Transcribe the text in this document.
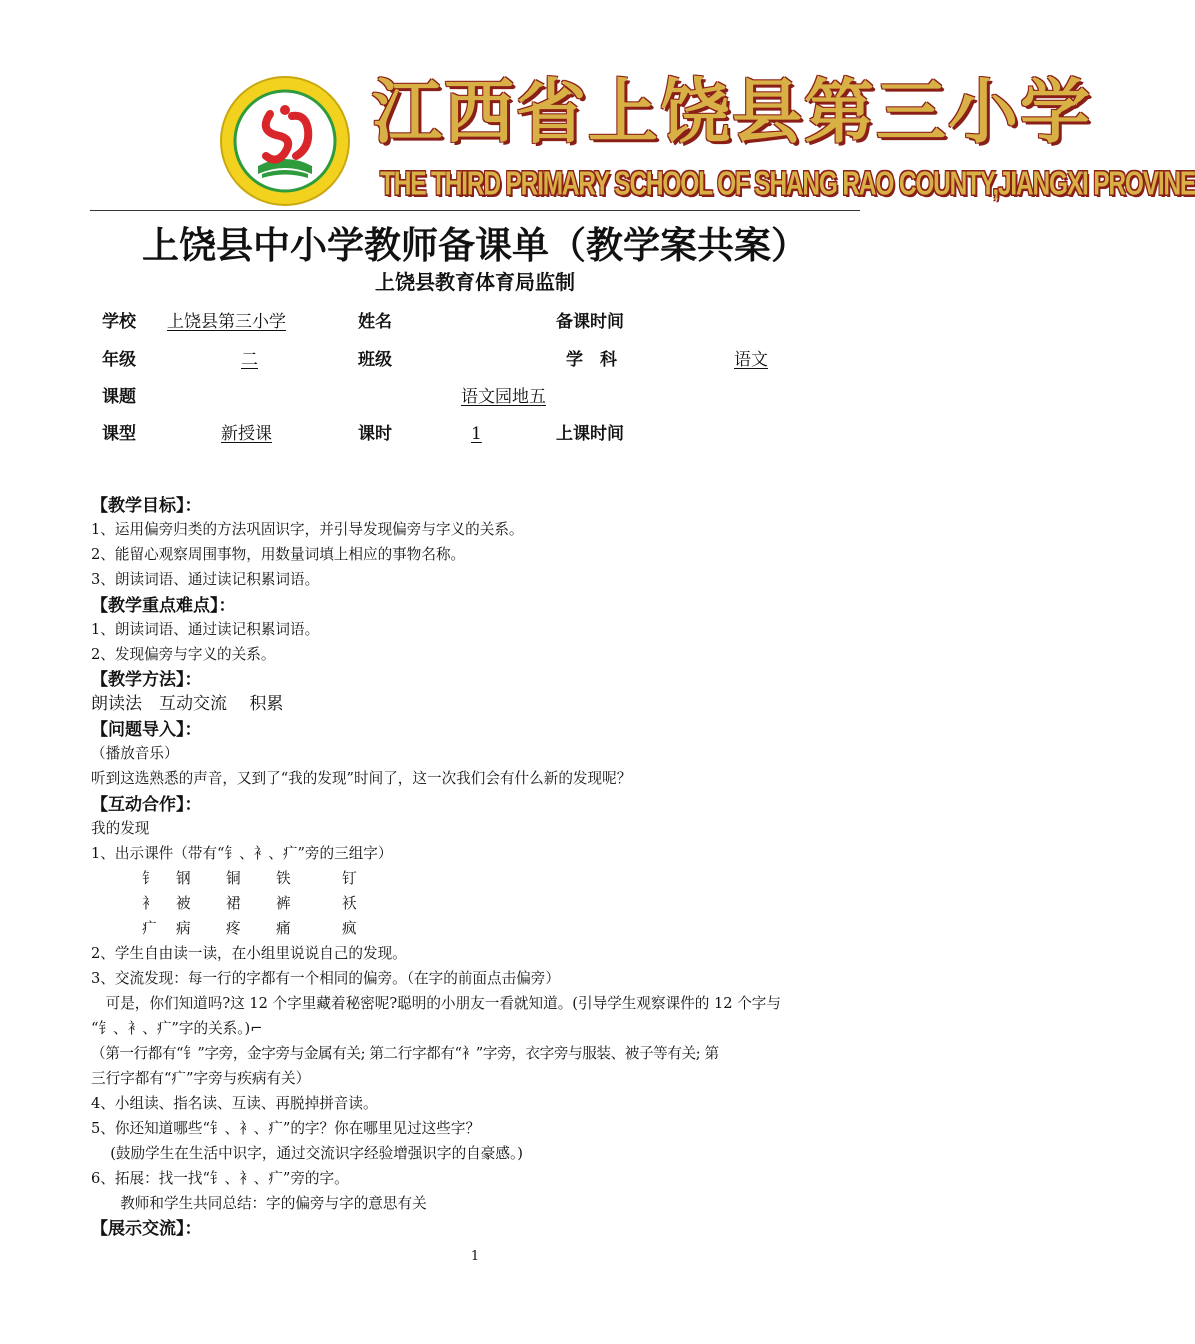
江西省上饶县第三小学
THE THIRD PRIMARY SCHOOL OF SHANG RAO COUNTY,JIANGXI PROVINE
上饶县中小学教师备课单（教学案共案）
上饶县教育体育局监制
学校 上饶县第三小学	姓名	备课时间
年级	二	班级	学　科	语文
课题	语文园地五
课型	新授课	课时	1	上课时间
【教学目标】：
1、运用偏旁归类的方法巩固识字，并引导发现偏旁与字义的关系。
2、能留心观察周围事物，用数量词填上相应的事物名称。
3、朗读词语、通过读记积累词语。
【教学重点难点】：
1、朗读词语、通过读记积累词语。
2、发现偏旁与字义的关系。
【教学方法】：
朗读法　互动交流　 积累
【问题导入】：
（播放音乐）
听到这选熟悉的声音，又到了“我的发现”时间了，这一次我们会有什么新的发现呢？
【互动合作】：
我的发现
1、出示课件（带有“钅、衤、疒”旁的三组字）
钅 钢 铜 铁	钉
衤 被 裙 裤	袄
疒 病 疼 痛	疯
2、学生自由读一读，在小组里说说自己的发现。
3、交流发现：每一行的字都有一个相同的偏旁。（在字的前面点击偏旁）
　可是，你们知道吗?这 12 个字里藏着秘密呢?聪明的小朋友一看就知道。(引导学生观察课件的 12 个字与
“钅、衤、疒”字的关系。)⌐
（第一行都有“钅”字旁，金字旁与金属有关; 第二行字都有“衤”字旁，衣字旁与服装、被子等有关; 第
三行字都有“疒”字旁与疾病有关）
4、小组读、指名读、互读、再脱掉拼音读。
5、你还知道哪些“钅、衤、疒”的字？你在哪里见过这些字？
　 (鼓励学生在生活中识字，通过交流识字经验增强识字的自豪感。)
6、拓展：找一找“钅、衤、疒”旁的字。
　　教师和学生共同总结：字的偏旁与字的意思有关
【展示交流】：
1
